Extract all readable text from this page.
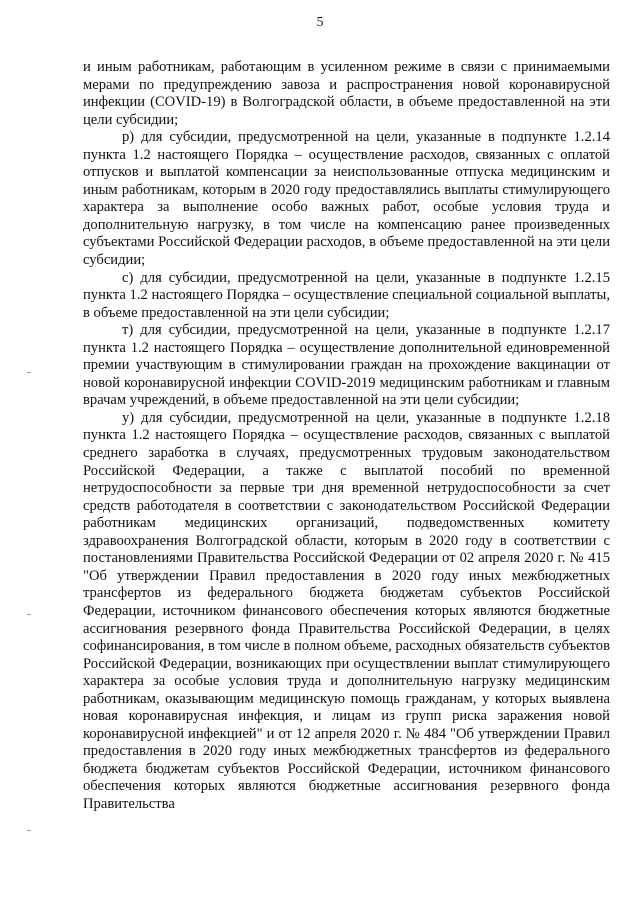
5

и иным работникам, работающим в усиленном режиме в связи с принимаемыми мерами по предупреждению завоза и распространения новой коронавирусной инфекции (COVID-19) в Волгоградской области, в объеме предоставленной на эти цели субсидии;

р) для субсидии, предусмотренной на цели, указанные в подпункте 1.2.14 пункта 1.2 настоящего Порядка – осуществление расходов, связанных с оплатой отпусков и выплатой компенсации за неиспользованные отпуска медицинским и иным работникам, которым в 2020 году предоставлялись выплаты стимулирующего характера за выполнение особо важных работ, особые условия труда и дополнительную нагрузку, в том числе на компенсацию ранее произведенных субъектами Российской Федерации расходов, в объеме предоставленной на эти цели субсидии;

с) для субсидии, предусмотренной на цели, указанные в подпункте 1.2.15 пункта 1.2 настоящего Порядка – осуществление специальной социальной выплаты, в объеме предоставленной на эти цели субсидии;

т) для субсидии, предусмотренной на цели, указанные в подпункте 1.2.17 пункта 1.2 настоящего Порядка – осуществление дополнительной единовременной премии участвующим в стимулировании граждан на прохождение вакцинации от новой коронавирусной инфекции COVID-2019 медицинским работникам и главным врачам учреждений, в объеме предоставленной на эти цели субсидии;

у) для субсидии, предусмотренной на цели, указанные в подпункте 1.2.18 пункта 1.2 настоящего Порядка – осуществление расходов, связанных с выплатой среднего заработка в случаях, предусмотренных трудовым законодательством Российской Федерации, а также с выплатой пособий по временной нетрудоспособности за первые три дня временной нетрудоспособности за счет средств работодателя в соответствии с законодательством Российской Федерации работникам медицинских организаций, подведомственных комитету здравоохранения Волгоградской области, которым в 2020 году в соответствии с постановлениями Правительства Российской Федерации от 02 апреля 2020 г. № 415 "Об утверждении Правил предоставления в 2020 году иных межбюджетных трансфертов из федерального бюджета бюджетам субъектов Российской Федерации, источником финансового обеспечения которых являются бюджетные ассигнования резервного фонда Правительства Российской Федерации, в целях софинансирования, в том числе в полном объеме, расходных обязательств субъектов Российской Федерации, возникающих при осуществлении выплат стимулирующего характера за особые условия труда и дополнительную нагрузку медицинским работникам, оказывающим медицинскую помощь гражданам, у которых выявлена новая коронавирусная инфекция, и лицам из групп риска заражения новой коронавирусной инфекцией" и от 12 апреля 2020 г. № 484 "Об утверждении Правил предоставления в 2020 году иных межбюджетных трансфертов из федерального бюджета бюджетам субъектов Российской Федерации, источником финансового обеспечения которых являются бюджетные ассигнования резервного фонда Правительства
